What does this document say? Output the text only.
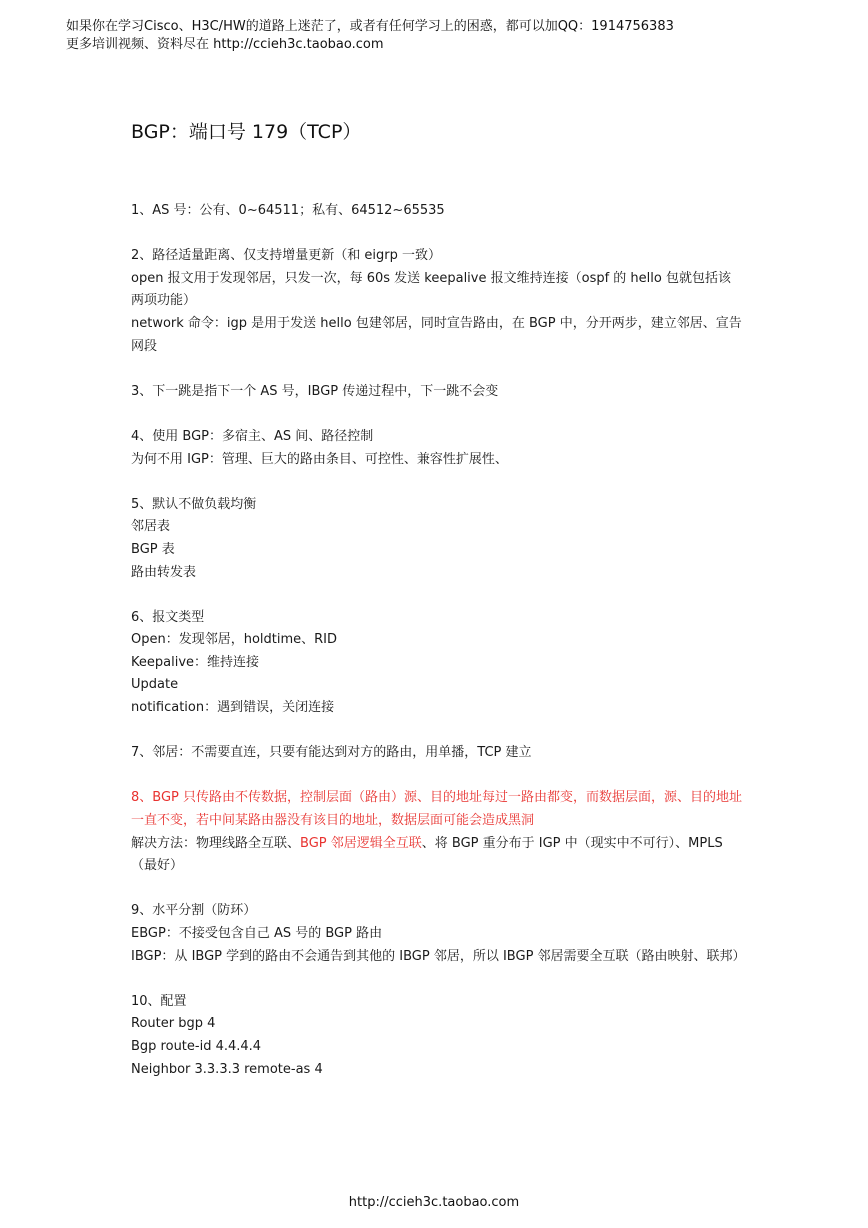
如果你在学习Cisco、H3C/HW的道路上迷茫了，或者有任何学习上的困惑，都可以加QQ：1914756383
更多培训视频、资料尽在 http://ccieh3c.taobao.com
BGP：端口号 179（TCP）
1、AS 号：公有、0~64511；私有、64512~65535
2、路径适量距离、仅支持增量更新（和 eigrp 一致）
open 报文用于发现邻居，只发一次，每 60s 发送 keepalive 报文维持连接（ospf 的 hello 包就包括该两项功能）
network 命令：igp 是用于发送 hello 包建邻居，同时宣告路由，在 BGP 中，分开两步，建立邻居、宣告网段
3、下一跳是指下一个 AS 号，IBGP 传递过程中，下一跳不会变
4、使用 BGP：多宿主、AS 间、路径控制
为何不用 IGP：管理、巨大的路由条目、可控性、兼容性扩展性、
5、默认不做负载均衡
邻居表
BGP 表
路由转发表
6、报文类型
Open：发现邻居，holdtime、RID
Keepalive：维持连接
Update
notification：遇到错误，关闭连接
7、邻居：不需要直连，只要有能达到对方的路由，用单播，TCP 建立
8、BGP 只传路由不传数据，控制层面（路由）源、目的地址每过一路由都变，而数据层面，源、目的地址一直不变，若中间某路由器没有该目的地址，数据层面可能会造成黑洞
解决方法：物理线路全互联、BGP 邻居逻辑全互联、将 BGP 重分布于 IGP 中（现实中不可行）、MPLS（最好）
9、水平分割（防环）
EBGP：不接受包含自己 AS 号的 BGP 路由
IBGP：从 IBGP 学到的路由不会通告到其他的 IBGP 邻居，所以 IBGP 邻居需要全互联（路由映射、联邦）
10、配置
Router bgp 4
Bgp route-id 4.4.4.4
Neighbor 3.3.3.3 remote-as 4
http://ccieh3c.taobao.com
